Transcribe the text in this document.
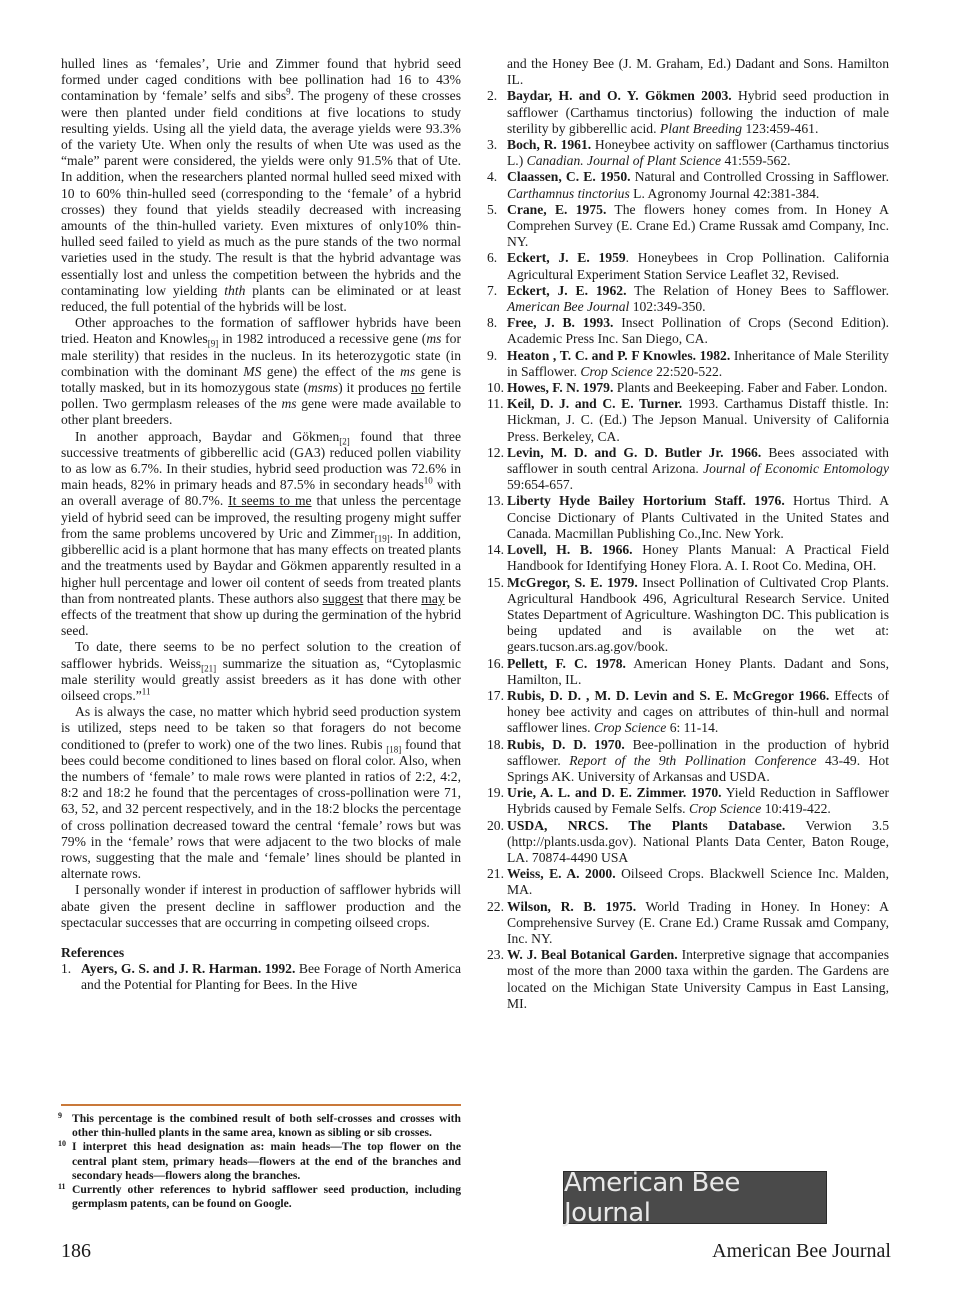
hulled lines as ‘females’, Urie and Zimmer found that hybrid seed formed under caged conditions with bee pollination had 16 to 43% contamination by ‘female’ selfs and sibs$^9$. The progeny of these crosses were then planted under field conditions at five locations to study resulting yields. Using all the yield data, the average yields were 93.3% of the variety Ute. When only the results of when Ute was used as the “male” parent were considered, the yields were only 91.5% that of Ute. In addition, when the researchers planted normal hulled seed mixed with 10 to 60% thin-hulled seed (corresponding to the ‘female’ of a hybrid crosses) they found that yields steadily decreased with increasing amounts of the thin-hulled variety. Even mixtures of only10% thin-hulled seed failed to yield as much as the pure stands of the two normal varieties used in the study. The result is that the hybrid advantage was essentially lost and unless the competition between the hybrids and the contaminating low yielding thth plants can be eliminated or at least reduced, the full potential of the hybrids will be lost.

Other approaches to the formation of safflower hybrids have been tried. Heaton and Knowles$_{[9]}$ in 1982 introduced a recessive gene (ms for male sterility) that resides in the nucleus. In its heterozygotic state (in combination with the dominant MS gene) the effect of the ms gene is totally masked, but in its homozygous state (msms) it produces no fertile pollen. Two germplasm releases of the ms gene were made available to other plant breeders.

In another approach, Baydar and Gökmen$_{[2]}$ found that three successive treatments of gibberellic acid (GA3) reduced pollen viability to as low as 6.7%. In their studies, hybrid seed production was 72.6% in main heads, 82% in primary heads and 87.5% in secondary heads$^{10}$ with an overall average of 80.7%. It seems to me that unless the percentage yield of hybrid seed can be improved, the resulting progeny might suffer from the same problems uncovered by Uric and Zimmer$_{[19]}$. In addition, gibberellic acid is a plant hormone that has many effects on treated plants and the treatments used by Baydar and Gökmen apparently resulted in a higher hull percentage and lower oil content of seeds from treated plants than from nontreated plants. These authors also suggest that there may be effects of the treatment that show up during the germination of the hybrid seed.

To date, there seems to be no perfect solution to the creation of safflower hybrids. Weiss$_{[21]}$ summarize the situation as, “Cytoplasmic male sterility would greatly assist breeders as it has done with other oilseed crops.”$^{11}$

As is always the case, no matter which hybrid seed production system is utilized, steps need to be taken so that foragers do not become conditioned to (prefer to work) one of the two lines. Rubis $_{[18]}$ found that bees could become conditioned to lines based on floral color. Also, when the numbers of ‘female’ to male rows were planted in ratios of 2:2, 4:2, 8:2 and 18:2 he found that the percentages of cross-pollination were 71, 63, 52, and 32 percent respectively, and in the 18:2 blocks the percentage of cross pollination decreased toward the central ‘female’ rows but was 79% in the ‘female’ rows that were adjacent to the two blocks of male rows, suggesting that the male and ‘female’ lines should be planted in alternate rows.

I personally wonder if interest in production of safflower hybrids will abate given the present decline in safflower production and the spectacular successes that are occurring in competing oilseed crops.

References
1. Ayers, G. S. and J. R. Harman. 1992. Bee Forage of North America and the Potential for Planting for Bees. In the Hive
and the Honey Bee (J. M. Graham, Ed.) Dadant and Sons. Hamilton IL.
2. Baydar, H. and O. Y. Gökmen 2003. Hybrid seed production in safflower (Carthamus tinctorius) following the induction of male sterility by gibberellic acid. Plant Breeding 123:459-461.
3. Boch, R. 1961. Honeybee activity on safflower (Carthamus tinctorius L.) Canadian. Journal of Plant Science 41:559-562.
4. Claassen, C. E. 1950. Natural and Controlled Crossing in Safflower. Carthamnus tinctorius L. Agronomy Journal 42:381-384.
5. Crane, E. 1975. The flowers honey comes from. In Honey A Comprehen Survey (E. Crane Ed.) Crame Russak amd Company, Inc. NY.
6. Eckert, J. E. 1959. Honeybees in Crop Pollination. California Agricultural Experiment Station Service Leaflet 32, Revised.
7. Eckert, J. E. 1962. The Relation of Honey Bees to Safflower. American Bee Journal 102:349-350.
8. Free, J. B. 1993. Insect Pollination of Crops (Second Edition). Academic Press Inc. San Diego, CA.
9. Heaton , T. C. and P. F Knowles. 1982. Inheritance of Male Sterility in Safflower. Crop Science 22:520-522.
10. Howes, F. N. 1979. Plants and Beekeeping. Faber and Faber. London.
11. Keil, D. J. and C. E. Turner. 1993. Carthamus Distaff thistle. In: Hickman, J. C. (Ed.) The Jepson Manual. University of California Press. Berkeley, CA.
12. Levin, M. D. and G. D. Butler Jr. 1966. Bees associated with safflower in south central Arizona. Journal of Economic Entomology 59:654-657.
13. Liberty Hyde Bailey Hortorium Staff. 1976. Hortus Third. A Concise Dictionary of Plants Cultivated in the United States and Canada. Macmillan Publishing Co.,Inc. New York.
14. Lovell, H. B. 1966. Honey Plants Manual: A Practical Field Handbook for Identifying Honey Flora. A. I. Root Co. Medina, OH.
15. McGregor, S. E. 1979. Insect Pollination of Cultivated Crop Plants. Agricultural Handbook 496, Agricultural Research Service. United States Department of Agriculture. Washington DC. This publication is being updated and is available on the wet at: gears.tucson.ars.ag.gov/book.
16. Pellett, F. C. 1978. American Honey Plants. Dadant and Sons, Hamilton, IL.
17. Rubis, D. D. , M. D. Levin and S. E. McGregor 1966. Effects of honey bee activity and cages on attributes of thin-hull and normal safflower lines. Crop Science 6: 11-14.
18. Rubis, D. D. 1970. Bee-pollination in the production of hybrid safflower. Report of the 9th Pollination Conference 43-49. Hot Springs AK. University of Arkansas and USDA.
19. Urie, A. L. and D. E. Zimmer. 1970. Yield Reduction in Safflower Hybrids caused by Female Selfs. Crop Science 10:419-422.
20. USDA, NRCS. The Plants Database. Verwion 3.5 (http://plants.usda.gov). National Plants Data Center, Baton Rouge, LA. 70874-4490 USA
21. Weiss, E. A. 2000. Oilseed Crops. Blackwell Science Inc. Malden, MA.
22. Wilson, R. B. 1975. World Trading in Honey. In Honey: A Comprehensive Survey (E. Crane Ed.) Crame Russak amd Company, Inc. NY.
23. W. J. Beal Botanical Garden. Interpretive signage that accompanies most of the more than 2000 taxa within the garden. The Gardens are located on the Michigan State University Campus in East Lansing, MI.
9 This percentage is the combined result of both self-crosses and crosses with other thin-hulled plants in the same area, known as sibling or sib crosses.
10 I interpret this head designation as: main heads—The top flower on the central plant stem, primary heads—flowers at the end of the branches and secondary heads—flowers along the branches.
11 Currently other references to hybrid safflower seed production, including germplasm patents, can be found on Google.
American Bee Journal
186	American Bee Journal
